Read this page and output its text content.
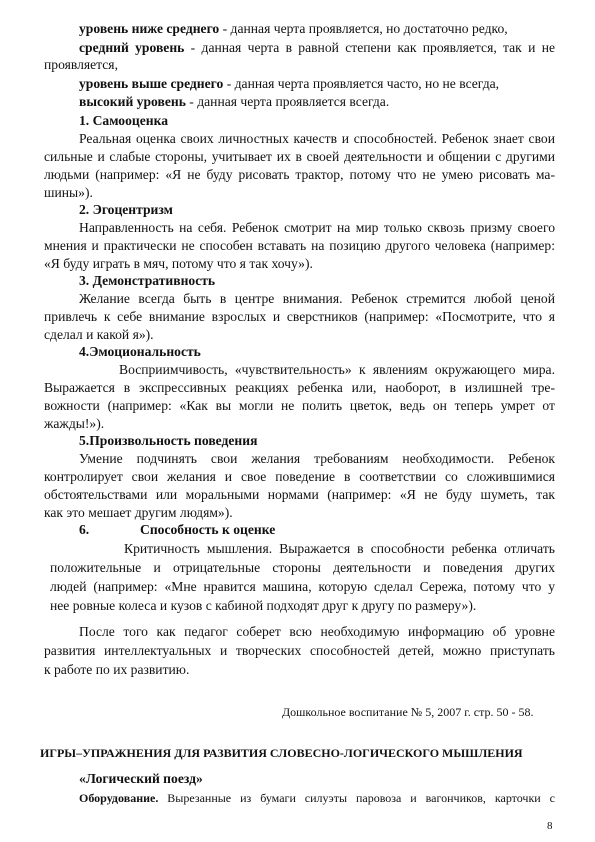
уровень ниже среднего - данная черта проявляется, но достаточно редко,
средний уровень - данная черта в равной степени как проявляется, так и не
проявляется,
уровень выше среднего - данная черта проявляется часто, но не всегда,
высокий уровень - данная черта проявляется всегда.
1. Самооценка
Реальная оценка своих личностных качеств и способностей. Ребенок знает свои
сильные и слабые стороны, учитывает их в своей деятельности и общении с другими
людьми (например: «Я не буду рисовать трактор, потому что не умею рисовать ма-
шины»).
2. Эгоцентризм
Направленность на себя. Ребенок смотрит на мир только сквозь призму своего
мнения и практически не способен вставать на позицию другого человека (например:
«Я буду играть в мяч, потому что я так хочу»).
3. Демонстративность
Желание всегда быть в центре внимания. Ребенок стремится любой ценой
привлечь к себе внимание взрослых и сверстников (например: «Посмотрите, что я
сделал и какой я»).
4.Эмоциональность
Восприимчивость, «чувствительность» к явлениям окружающего мира.
Выражается в экспрессивных реакциях ребенка или, наоборот, в излишней тре-
вожности (например: «Как вы могли не полить цветок, ведь он теперь умрет от
жажды!»).
5.Произвольность поведения
Умение подчинять свои желания требованиям необходимости. Ребенок
контролирует свои желания и свое поведение в соответствии со сложившимися
обстоятельствами или моральными нормами (например: «Я не буду шуметь, так
как это мешает другим людям»).
6.	Способность к оценке
Критичность мышления. Выражается в способности ребенка отличать
положительные и отрицательные стороны деятельности и поведения других
людей (например: «Мне нравится машина, которую сделал Сережа, потому что у
нее ровные колеса и кузов с кабиной подходят друг к другу по размеру»).
После того как педагог соберет всю необходимую информацию об уровне
развития интеллектуальных и творческих способностей детей, можно приступать
к работе по их развитию.
Дошкольное воспитание № 5, 2007 г. стр. 50 - 58.
ИГРЫ–УПРАЖНЕНИЯ ДЛЯ РАЗВИТИЯ СЛОВЕСНО-ЛОГИЧЕСКОГО МЫШЛЕНИЯ
«Логический поезд»
Оборудование. Вырезанные из бумаги силуэты паровоза и вагончиков, карточки с
8
